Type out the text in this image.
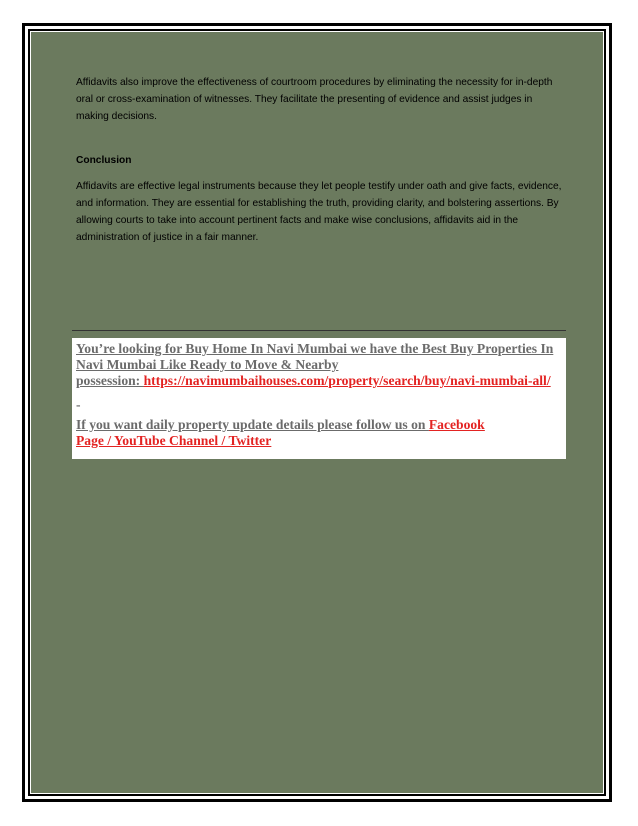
Affidavits also improve the effectiveness of courtroom procedures by eliminating the necessity for in-depth oral or cross-examination of witnesses. They facilitate the presenting of evidence and assist judges in making decisions.

Conclusion

Affidavits are effective legal instruments because they let people testify under oath and give facts, evidence, and information. They are essential for establishing the truth, providing clarity, and bolstering assertions. By allowing courts to take into account pertinent facts and make wise conclusions, affidavits aid in the administration of justice in a fair manner.

You’re looking for Buy Home In Navi Mumbai we have the Best Buy Properties In
Navi Mumbai Like Ready to Move & Nearby
possession: https://navimumbaihouses.com/property/search/buy/navi-mumbai-all/
-
If you want daily property update details please follow us on Facebook
Page / YouTube Channel / Twitter
